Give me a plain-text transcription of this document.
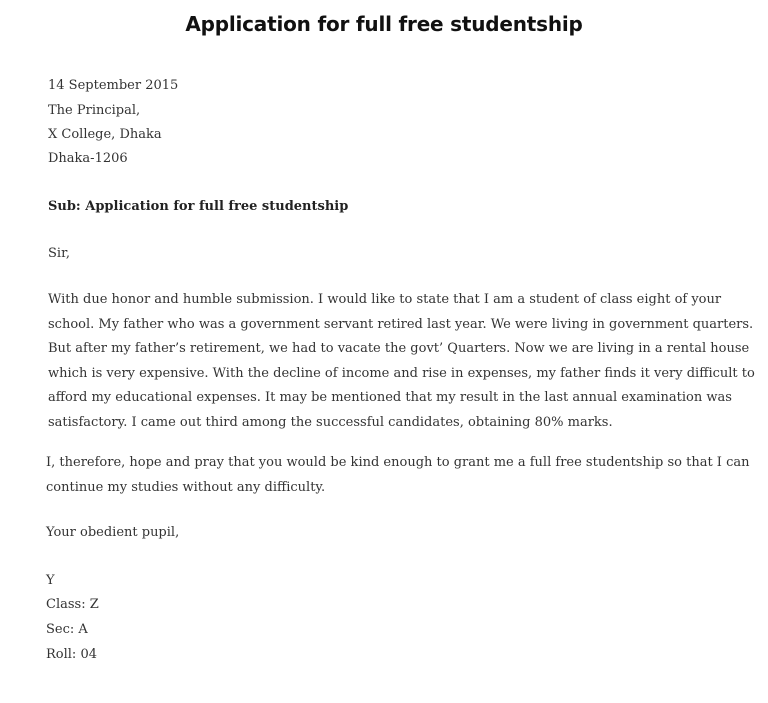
Application for full free studentship
14 September 2015
The Principal,
X College, Dhaka
Dhaka-1206
Sub: Application for full free studentship
Sir,
With due honor and humble submission. I would like to state that I am a student of class eight of your
school. My father who was a government servant retired last year. We were living in government quarters.
But after my father’s retirement, we had to vacate the govt’ Quarters. Now we are living in a rental house
which is very expensive. With the decline of income and rise in expenses, my father finds it very difficult to
afford my educational expenses. It may be mentioned that my result in the last annual examination was
satisfactory. I came out third among the successful candidates, obtaining 80% marks.
I, therefore, hope and pray that you would be kind enough to grant me a full free studentship so that I can
continue my studies without any difficulty.
Your obedient pupil,
Y
Class: Z
Sec: A
Roll: 04
